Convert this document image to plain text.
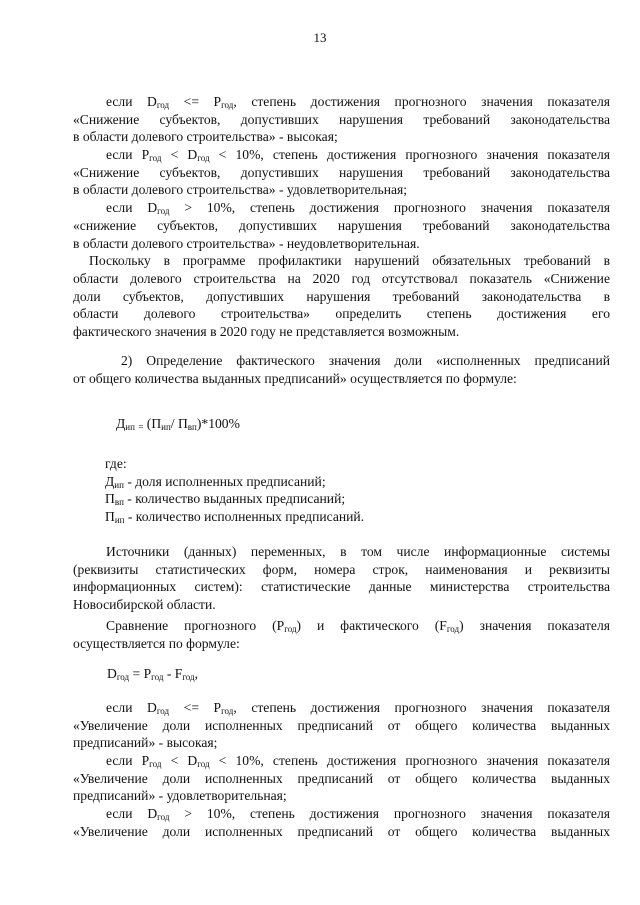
13
если $D_{год} <= P_{год}$, степень достижения прогнозного значения показателя
«Снижение субъектов, допустивших нарушения требований законодательства
в области долевого строительства» - высокая;
если $P_{год} < D_{год} < 10\%$, степень достижения прогнозного значения показателя
«Снижение субъектов, допустивших нарушения требований законодательства
в области долевого строительства» - удовлетворительная;
если $D_{год} > 10\%$, степень достижения прогнозного значения показателя
«снижение субъектов, допустивших нарушения требований законодательства
в области долевого строительства» - неудовлетворительная.
Поскольку в программе профилактики нарушений обязательных требований в
области долевого строительства на 2020 год отсутствовал показатель «Снижение
доли субъектов, допустивших нарушения требований законодательства в
области долевого строительства» определить степень достижения его
фактического значения в 2020 году не представляется возможным.
2) Определение фактического значения доли «исполненных предписаний
от общего количества выданных предписаний» осуществляется по формуле:
$Д_{ип}$ $_=$ ($П_{ип}/$ $П_{вп})*100\%$
где:
$Д_{ип}$ - доля исполненных предписаний;
$П_{вп}$ - количество выданных предписаний;
$П_{ип}$ - количество исполненных предписаний.
Источники (данных) переменных, в том числе информационные системы
(реквизиты статистических форм, номера строк, наименования и реквизиты
информационных систем): статистические данные министерства строительства
Новосибирской области.
Сравнение прогнозного $(P_{год})$ и фактического $(F_{год})$ значения показателя
осуществляется по формуле:
$D_{год} = P_{год} - F_{год}$,
если $D_{год} <= P_{год}$, степень достижения прогнозного значения показателя
«Увеличение доли исполненных предписаний от общего количества выданных
предписаний» - высокая;
если $P_{год} < D_{год} < 10\%$, степень достижения прогнозного значения показателя
«Увеличение доли исполненных предписаний от общего количества выданных
предписаний» - удовлетворительная;
если $D_{год} > 10\%$, степень достижения прогнозного значения показателя
«Увеличение доли исполненных предписаний от общего количества выданных
